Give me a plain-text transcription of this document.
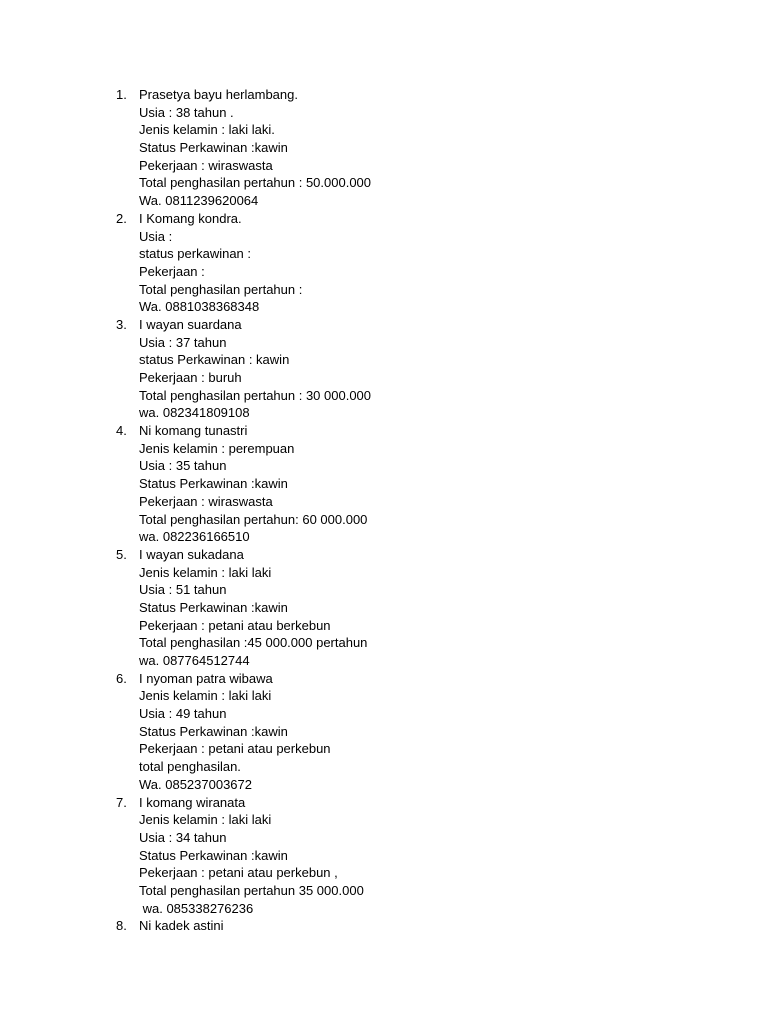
1. Prasetya bayu herlambang.
Usia : 38 tahun .
Jenis kelamin : laki laki.
Status Perkawinan :kawin
Pekerjaan : wiraswasta
Total penghasilan pertahun : 50.000.000
Wa. 0811239620064
2. I Komang kondra.
Usia :
status perkawinan :
Pekerjaan :
Total penghasilan pertahun :
Wa. 0881038368348
3. I wayan suardana
Usia : 37 tahun
status Perkawinan : kawin
Pekerjaan : buruh
Total penghasilan pertahun : 30 000.000
wa. 082341809108
4. Ni komang tunastri
Jenis kelamin : perempuan
Usia : 35 tahun
Status Perkawinan :kawin
Pekerjaan : wiraswasta
Total penghasilan pertahun: 60 000.000
wa. 082236166510
5. I wayan sukadana
Jenis kelamin : laki laki
Usia : 51 tahun
Status Perkawinan :kawin
Pekerjaan : petani atau berkebun
Total penghasilan :45 000.000 pertahun
wa. 087764512744
6. I nyoman patra wibawa
Jenis kelamin : laki laki
Usia : 49 tahun
Status Perkawinan :kawin
Pekerjaan : petani atau perkebun
total penghasilan.
Wa. 085237003672
7. I komang wiranata
Jenis kelamin : laki laki
Usia : 34 tahun
Status Perkawinan :kawin
Pekerjaan : petani atau perkebun ,
Total penghasilan pertahun 35 000.000
wa. 085338276236
8. Ni kadek astini
